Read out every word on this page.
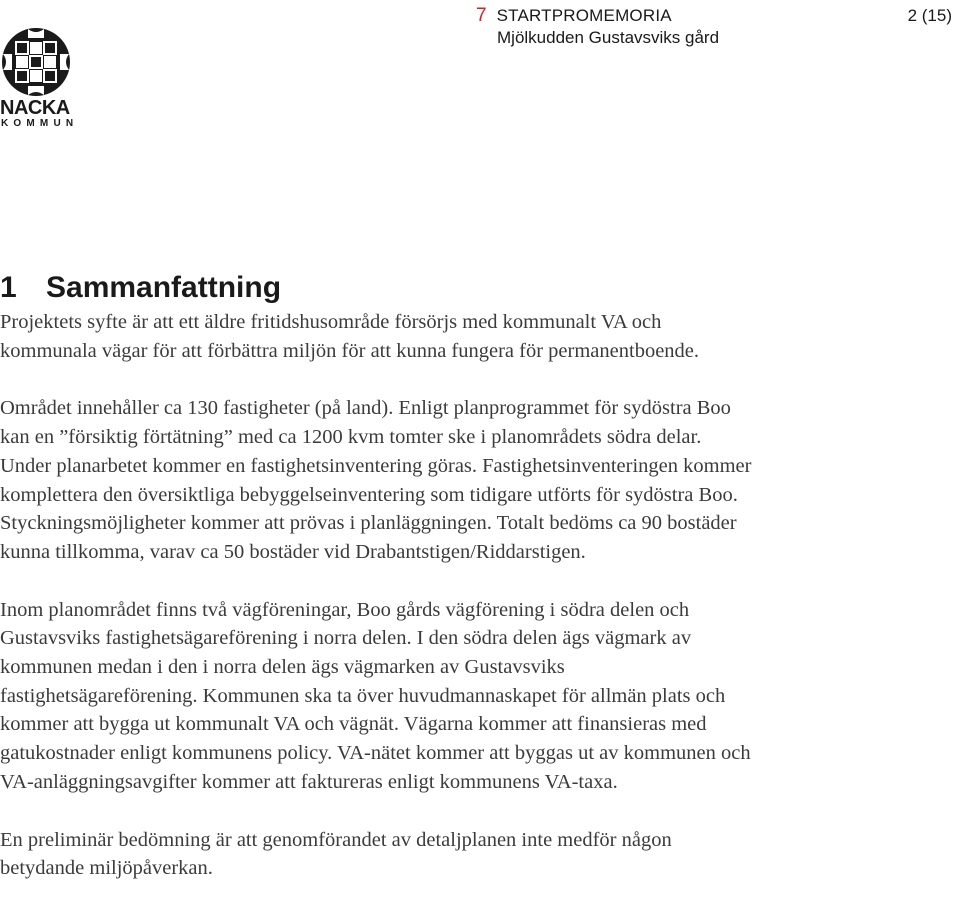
7 STARTPROMEMORIA
Mjölkudden Gustavsviks gård
2 (15)
NACKA
KOMMUN
1 Sammanfattning

Projektets syfte är att ett äldre fritidshusområde försörjs med kommunalt VA och
kommunala vägar för att förbättra miljön för att kunna fungera för permanentboende.

Området innehåller ca 130 fastigheter (på land). Enligt planprogrammet för sydöstra Boo
kan en ”försiktig förtätning” med ca 1200 kvm tomter ske i planområdets södra delar.
Under planarbetet kommer en fastighetsinventering göras. Fastighetsinventeringen kommer
komplettera den översiktliga bebyggelseinventering som tidigare utförts för sydöstra Boo.
Styckningsmöjligheter kommer att prövas i planläggningen. Totalt bedöms ca 90 bostäder
kunna tillkomma, varav ca 50 bostäder vid Drabantstigen/Riddarstigen.

Inom planområdet finns två vägföreningar, Boo gårds vägförening i södra delen och
Gustavsviks fastighetsägareförening i norra delen. I den södra delen ägs vägmark av
kommunen medan i den i norra delen ägs vägmarken av Gustavsviks
fastighetsägareförening. Kommunen ska ta över huvudmannaskapet för allmän plats och
kommer att bygga ut kommunalt VA och vägnät. Vägarna kommer att finansieras med
gatukostnader enligt kommunens policy. VA-nätet kommer att byggas ut av kommunen och
VA-anläggningsavgifter kommer att faktureras enligt kommunens VA-taxa.

En preliminär bedömning är att genomförandet av detaljplanen inte medför någon
betydande miljöpåverkan.
